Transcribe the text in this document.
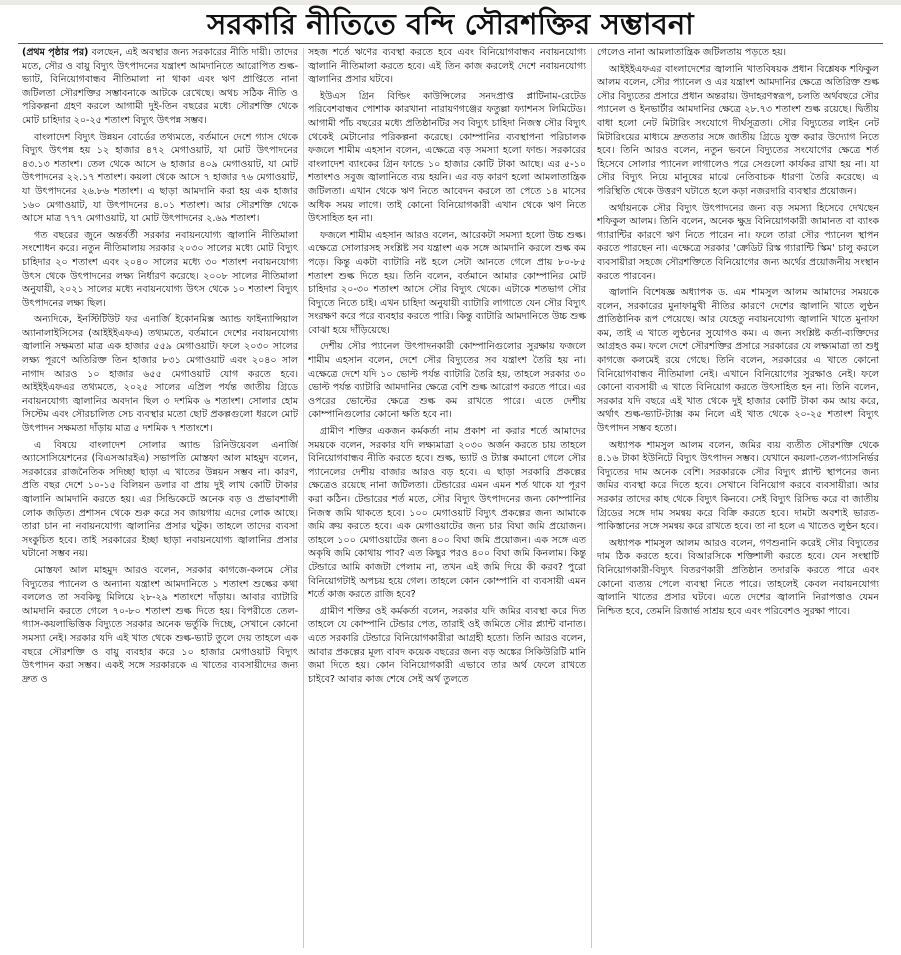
সরকারি নীতিতে বন্দি সৌরশক্তির সম্ভাবনা

(প্রথম পৃষ্ঠার পর) বলছেন, এই অবস্থার জন্য সরকারের নীতি দায়ী। তাদের মতে, সৌর ও বায়ু বিদ্যুৎ উৎপাদনের যন্ত্রাংশ আমদানিতে আরোপিত শুল্ক-ভ্যাট, বিনিয়োগবান্ধব নীতিমালা না থাকা এবং ঋণ প্রাপ্তিতে নানা জটিলতা সৌরশক্তির সম্ভাবনাকে আটকে রেখেছে। অথচ সঠিক নীতি ও পরিকল্পনা গ্রহণ করলে আগামী দুই-তিন বছরের মধ্যে সৌরশক্তি থেকে মোট চাহিদার ২০-২৫ শতাংশ বিদ্যুৎ উৎপন্ন সম্ভব।

বাংলাদেশ বিদ্যুৎ উন্নয়ন বোর্ডের তথ্যমতে, বর্তমানে দেশে গ্যাস থেকে বিদ্যুৎ উৎপন্ন হয় ১২ হাজার ৪৭২ মেগাওয়াট, যা মোট উৎপাদনের ৪৩.১৩ শতাংশ। তেল থেকে আসে ৬ হাজার ৪০৯ মেগাওয়াট, যা মোট উৎপাদনের ২২.১৭ শতাংশ। কয়লা থেকে আসে ৭ হাজার ৭৬ মেগাওয়াট, যা উৎপাদনের ২৬.৮৬ শতাংশ। এ ছাড়া আমদানি করা হয় এক হাজার ১৬০ মেগাওয়াট, যা উৎপাদনের ৪.০১ শতাংশ। আর সৌরশক্তি থেকে আসে মাত্র ৭৭৭ মেগাওয়াট, যা মোট উৎপাদনের ২.৬৯ শতাংশ।

গত বছরের জুনে অন্তর্বর্তী সরকার নবায়নযোগ্য জ্বালানি নীতিমালা সংশোধন করে। নতুন নীতিমালায় সরকার ২০৩০ সালের মধ্যে মোট বিদ্যুৎ চাহিদার ২০ শতাংশ এবং ২০৪০ সালের মধ্যে ৩০ শতাংশ নবায়নযোগ্য উৎস থেকে উৎপাদনের লক্ষ্য নির্ধারণ করেছে। ২০০৮ সালের নীতিমালা অনুযায়ী, ২০২১ সালের মধ্যে নবায়নযোগ্য উৎস থেকে ১০ শতাংশ বিদ্যুৎ উৎপাদনের লক্ষ্য ছিল।

অন্যদিকে, ইনস্টিটিউট ফর এনার্জি ইকোনমিক্স অ্যান্ড ফাইন্যান্সিয়াল অ্যানালাইসিসের (আইইইএফএ) তথ্যমতে, বর্তমানে দেশের নবায়নযোগ্য জ্বালানি সক্ষমতা মাত্র এক হাজার ৫৫৯ মেগাওয়াট। ফলে ২০৩০ সালের লক্ষ্য পূরণে অতিরিক্ত তিন হাজার ৮৩১ মেগাওয়াট এবং ২০৪০ সাল নাগাদ আরও ১০ হাজার ৬৫৫ মেগাওয়াট যোগ করতে হবে। আইইইএফএর তথ্যমতে, ২০২৫ সালের এপ্রিল পর্যন্ত জাতীয় গ্রিডে নবায়নযোগ্য জ্বালানির অবদান ছিল ৩ দশমিক ৬ শতাংশ। সোলার হোম সিস্টেম এবং সৌরচালিত সেচ ব্যবস্থার মতো ছোট প্রকল্পগুলো ধরলে মোট উৎপাদন সক্ষমতা দাঁড়ায় মাত্র ৫ দশমিক ৭ শতাংশে।

এ বিষয়ে বাংলাদেশ সোলার অ্যান্ড রিনিউয়েবল এনার্জি অ্যাসোসিয়েশনের (বিএসআরইএ) সভাপতি মোস্তফা আল মাহমুদ বলেন, সরকারের রাজনৈতিক সদিচ্ছা ছাড়া এ খাতের উন্নয়ন সম্ভব না। কারণ, প্রতি বছর দেশে ১০-১৫ বিলিয়ন ডলার বা প্রায় দুই লাখ কোটি টাকার জ্বালানি আমদানি করতে হয়। এর সিন্ডিকেটে অনেক বড় ও প্রভাবশালী লোক জড়িত। প্রশাসন থেকে শুরু করে সব জায়গায় এদের লোক আছে। তারা চান না নবায়নযোগ্য জ্বালানির প্রসার ঘটুক। তাহলে তাদের ব্যবসা সংকুচিত হবে। তাই সরকারের ইচ্ছা ছাড়া নবায়নযোগ্য জ্বালানির প্রসার ঘটানো সম্ভব নয়।

মোস্তফা আল মাহমুদ আরও বলেন, সরকার কাগজে-কলমে সৌর বিদ্যুতের প্যানেল ও অন্যান্য যন্ত্রাংশ আমদানিতে ১ শতাংশ শুল্কের কথা বললেও তা সবকিছু মিলিয়ে ২৮-২৯ শতাংশে দাঁড়ায়। আবার ব্যাটারি আমদানি করতে গেলে ৭০-৮০ শতাংশ শুল্ক দিতে হয়। বিপরীতে তেল-গ্যাস-কয়লাভিত্তিক বিদ্যুতে সরকার অনেক ভর্তুকি দিচ্ছে, সেখানে কোনো সমস্যা নেই। সরকার যদি এই খাত থেকে শুল্ক-ভ্যাট তুলে দেয় তাহলে এক বছরে সৌরশক্তি ও বায়ু ব্যবহার করে ১০ হাজার মেগাওয়াট বিদ্যুৎ উৎপাদন করা সম্ভব। একই সঙ্গে সরকারকে এ খাতের ব্যবসায়ীদের জন্য দ্রুত ও

সহজ শর্তে ঋণের ব্যবস্থা করতে হবে এবং বিনিয়োগবান্ধব নবায়নযোগ্য জ্বালানি নীতিমালা করতে হবে। এই তিন কাজ করলেই দেশে নবায়নযোগ্য জ্বালানির প্রসার ঘটবে।

ইউএস গ্রিন বিল্ডিং কাউন্সিলের সনদপ্রাপ্ত প্লাটিনাম-রেটেড পরিবেশবান্ধব পোশাক কারখানা নারায়ণগঞ্জের ফতুল্লা ফ্যাশনস লিমিটেড। আগামী পাঁচ বছরের মধ্যে প্রতিষ্ঠানটির সব বিদ্যুৎ চাহিদা নিজস্ব সৌর বিদ্যুৎ থেকেই মেটানোর পরিকল্পনা করেছে। কোম্পানির ব্যবস্থাপনা পরিচালক ফজলে শামীম এহসান বলেন, এক্ষেত্রে বড় সমস্যা হলো ফান্ড। সরকারের বাংলাদেশ ব্যাংকের গ্রিন ফান্ডে ১০ হাজার কোটি টাকা আছে। এর ৫-১০ শতাংশও সবুজ জ্বালানিতে ব্যয় হয়নি। এর বড় কারণ হলো আমলাতান্ত্রিক জটিলতা। এখান থেকে ঋণ নিতে আবেদন করলে তা পেতে ১৪ মাসের অধিক সময় লাগে। তাই কোনো বিনিয়োগকারী এখান থেকে ঋণ নিতে উৎসাহিত হন না।

ফজলে শামীম এহসান আরও বলেন, আরেকটা সমস্যা হলো উচ্চ শুল্ক। এক্ষেত্রে সোলারসহ সংশ্লিষ্ট সব যন্ত্রাংশ এক সঙ্গে আমদানি করলে শুল্ক কম পড়ে। কিন্তু একটা ব্যাটারি নষ্ট হলে সেটা আনতে গেলে প্রায় ৮০-৮৫ শতাংশ শুল্ক দিতে হয়। তিনি বলেন, বর্তমানে আমার কোম্পানির মোট চাহিদার ২০-৩০ শতাংশ আসে সৌর বিদ্যুৎ থেকে। এটাকে শতভাগ সৌর বিদ্যুতে নিতে চাই। এখন চাহিদা অনুযায়ী ব্যাটারি লাগাতে যেন সৌর বিদ্যুৎ সংরক্ষণ করে পরে ব্যবহার করতে পারি। কিন্তু ব্যাটারি আমদানিতে উচ্চ শুল্ক বোঝা হয়ে দাঁড়িয়েছে।

দেশীয় সৌর প্যানেল উৎপাদনকারী কোম্পানিগুলোর সুরক্ষায় ফজলে শামীম এহসান বলেন, দেশে সৌর বিদ্যুতের সব যন্ত্রাংশ তৈরি হয় না। এক্ষেত্রে দেশে যদি ১০ ভোল্ট পর্যন্ত ব্যাটারি তৈরি হয়, তাহলে সরকার ৩০ ভোল্ট পর্যন্ত ব্যাটারি আমদানির ক্ষেত্রে বেশি শুল্ক আরোপ করতে পারে। এর ওপরের ভোল্টের ক্ষেত্রে শুল্ক কম রাখতে পারে। এতে দেশীয় কোম্পানিগুলোর কোনো ক্ষতি হবে না।

গ্রামীণ শক্তির একজন কর্মকর্তা নাম প্রকাশ না করার শর্তে আমাদের সময়কে বলেন, সরকার যদি লক্ষ্যমাত্রা ২০৩০ অর্জন করতে চায় তাহলে বিনিয়োগবান্ধব নীতি করতে হবে। শুল্ক, ভ্যাট ও ট্যাক্স কমানো গেলে সৌর প্যানেলের দেশীয় বাজার আরও বড় হবে। এ ছাড়া সরকারি প্রকল্পের ক্ষেত্রেও রয়েছে নানা জটিলতা। টেন্ডারের এমন এমন শর্ত থাকে যা পূরণ করা কঠিন। টেন্ডারের শর্ত মতে, সৌর বিদ্যুৎ উৎপাদনের জন্য কোম্পানির নিজস্ব জমি থাকতে হবে। ১০০ মেগাওয়াট বিদ্যুৎ প্রকল্পের জন্য আমাকে জমি ক্রয় করতে হবে। এক মেগাওয়াটের জন্য চার বিঘা জমি প্রয়োজন। তাহলে ১০০ মেগাওয়াটের জন্য ৪০০ বিঘা জমি প্রয়োজন। এক সঙ্গে এত অকৃষি জমি কোথায় পাব? এত কিছুর পরও ৪০০ বিঘা জমি কিনলাম। কিন্তু টেন্ডারে আমি কাজটা পেলাম না, তখন এই জমি দিয়ে কী করব? পুরো বিনিয়োগটাই অপচয় হয়ে গেল। তাহলে কোন কোম্পানি বা ব্যবসায়ী এমন শর্তে কাজ করতে রাজি হবে?

গ্রামীণ শক্তির ওই কর্মকর্তা বলেন, সরকার যদি জমির ব্যবস্থা করে দিত তাহলে যে কোম্পানি টেন্ডার পেত, তারাই ওই জমিতে সৌর প্ল্যান্ট বানাত। এতে সরকারি টেন্ডারে বিনিয়োগকারীরা আগ্রহী হতো। তিনি আরও বলেন, আবার প্রকল্পের মূল্য বাবদ কয়েক বছরের জন্য বড় অঙ্কের সিকিউরিটি মানি জমা দিতে হয়। কোন বিনিয়োগকারী এভাবে তার অর্থ ফেলে রাখতে চাইবে? আবার কাজ শেষে সেই অর্থ তুলতে

গেলেও নানা আমলাতান্ত্রিক জটিলতায় পড়তে হয়।

আইইইএফএর বাংলাদেশের জ্বালানি খাতবিষয়ক প্রধান বিশ্লেষক শফিকুল আলম বলেন, সৌর প্যানেল ও এর যন্ত্রাংশ আমদানির ক্ষেত্রে অতিরিক্ত শুল্ক সৌর বিদ্যুতের প্রসারে প্রধান অন্তরায়। উদাহরণস্বরূপ, চলতি অর্থবছরে সৌর প্যানেল ও ইনভার্টার আমদানির ক্ষেত্রে ২৮.৭৩ শতাংশ শুল্ক রয়েছে। দ্বিতীয় বাধা হলো নেট মিটারিং সংযোগে দীর্ঘসূত্রতা। সৌর বিদ্যুতের লাইন নেট মিটারিংয়ের মাধ্যমে দ্রুততার সঙ্গে জাতীয় গ্রিডে যুক্ত করার উদ্যোগ নিতে হবে। তিনি আরও বলেন, নতুন ভবনে বিদ্যুতের সংযোগের ক্ষেত্রে শর্ত হিসেবে সোলার প্যানেল লাগালেও পরে সেগুলো কার্যকর রাখা হয় না। যা সৌর বিদ্যুৎ নিয়ে মানুষের মাঝে নেতিবাচক ধারণা তৈরি করেছে। এ পরিস্থিতি থেকে উত্তরণ ঘটাতে হলে কড়া নজরদারি ব্যবস্থার প্রয়োজন।

অর্থায়নকে সৌর বিদ্যুৎ উৎপাদনের জন্য বড় সমস্যা হিসেবে দেখছেন শফিকুল আলম। তিনি বলেন, অনেক ক্ষুদ্র বিনিয়োগকারী জামানত বা ব্যাংক গ্যারান্টির কারণে ঋণ নিতে পারেন না। ফলে তারা সৌর প্যানেল স্থাপন করতে পারছেন না। এক্ষেত্রে সরকার 'ক্রেডিট রিস্ক গ্যারান্টি স্কিম' চালু করলে ব্যবসায়ীরা সহজে সৌরশক্তিতে বিনিয়োগের জন্য অর্থের প্রয়োজনীয় সংস্থান করতে পারবেন।

জ্বালানি বিশেষজ্ঞ অধ্যাপক ড. এম শামসুল আলম আমাদের সময়কে বলেন, সরকারের মুনাফামুখী নীতির কারণে দেশের জ্বালানি খাতে লুণ্ঠন প্রাতিষ্ঠানিক রূপ পেয়েছে। আর যেহেতু নবায়নযোগ্য জ্বালানি খাতে মুনাফা কম, তাই এ খাতে লুণ্ঠনের সুযোগও কম। এ জন্য সংশ্লিষ্ট কর্তা-ব্যক্তিদের আগ্রহও কম। ফলে দেশে সৌরশক্তির প্রসারে সরকারের যে লক্ষ্যমাত্রা তা শুধু কাগজে কলমেই রয়ে গেছে। তিনি বলেন, সরকারের এ খাতে কোনো বিনিয়োগবান্ধব নীতিমালা নেই। এখানে বিনিয়োগের সুরক্ষাও নেই। ফলে কোনো ব্যবসায়ী এ খাতে বিনিয়োগ করতে উৎসাহিত হন না। তিনি বলেন, সরকার যদি বছরে এই খাত থেকে দুই হাজার কোটি টাকা কম আয় করে, অর্থাৎ শুল্ক-ভ্যাট-ট্যাক্স কম নিলে এই খাত থেকে ২০-২৫ শতাংশ বিদ্যুৎ উৎপাদন সম্ভব হতো।

অধ্যাপক শামসুল আলম বলেন, জমির ব্যয় ব্যতীত সৌরশক্তি থেকে ৪.১৬ টাকা ইউনিটে বিদ্যুৎ উৎপাদন সম্ভব। যেখানে কয়লা-তেল-গ্যাসনির্ভর বিদ্যুতের দাম অনেক বেশি। সরকারকে সৌর বিদ্যুৎ প্ল্যান্ট স্থাপনের জন্য জমির ব্যবস্থা করে দিতে হবে। সেখানে বিনিয়োগ করবে ব্যবসায়ীরা। আর সরকার তাদের কাছ থেকে বিদ্যুৎ কিনবে। সেই বিদ্যুৎ রিসিভ করে বা জাতীয় গ্রিডের সঙ্গে দাম সমন্বয় করে বিক্রি করতে হবে। দামটা অবশ্যই ভারত-পাকিস্তানের সঙ্গে সমন্বয় করে রাখতে হবে। তা না হলে এ খাতেও লুণ্ঠন হবে।

অধ্যাপক শামসুল আলম আরও বলেন, গণশুনানি করেই সৌর বিদ্যুতের দাম ঠিক করতে হবে। বিআরসিকে শক্তিশালী করতে হবে। যেন সংস্থাটি বিনিয়োগকারী-বিদ্যুৎ বিতরণকারী প্রতিষ্ঠান তদারকি করতে পারে এবং কোনো ব্যত্যয় পেলে ব্যবস্থা নিতে পারে। তাহলেই কেবল নবায়নযোগ্য জ্বালানি খাতের প্রসার ঘটবে। এতে দেশের জ্বালানি নিরাপত্তাও যেমন নিশ্চিত হবে, তেমনি রিজার্ভ সাশ্রয় হবে এবং পরিবেশও সুরক্ষা পাবে।
